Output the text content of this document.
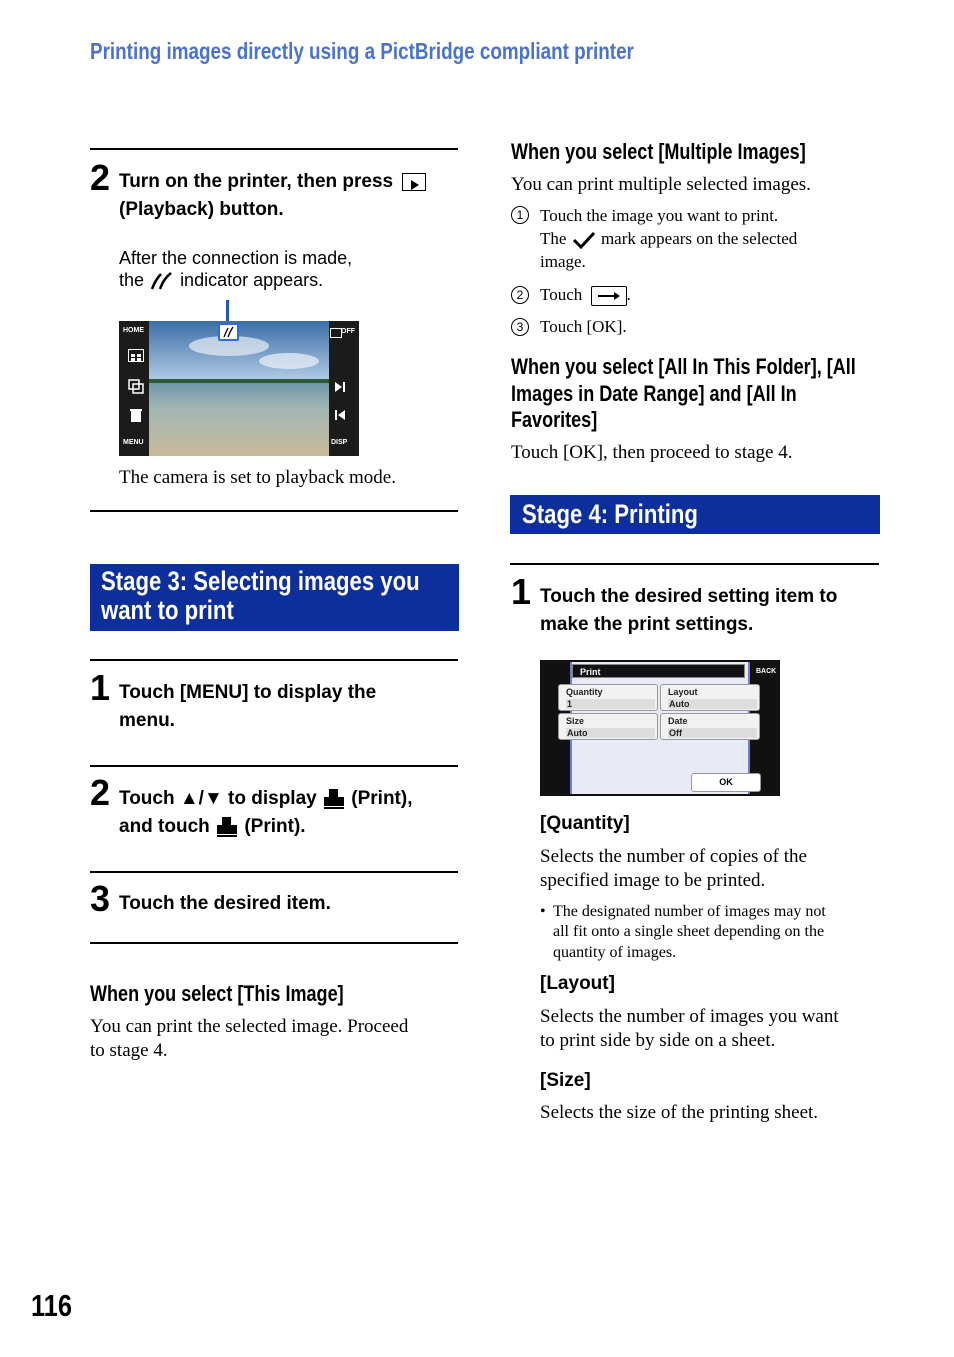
Printing images directly using a PictBridge compliant printer
2 Turn on the printer, then press
(Playback) button.
After the connection is made,
the indicator appears.
HOME
MENU
OFF
DISP
The camera is set to playback mode.
Stage 3: Selecting images you
want to print
1 Touch [MENU] to display the
menu.
2 Touch ▲/▼ to display (Print),
and touch (Print).
3 Touch the desired item.
When you select [This Image]
You can print the selected image. Proceed
to stage 4.
When you select [Multiple Images]
You can print multiple selected images.
1 Touch the image you want to print.
The mark appears on the selected
image.
2 Touch	.
3 Touch [OK].
When you select [All In This Folder], [All
Images in Date Range] and [All In
Favorites]
Touch [OK], then proceed to stage 4.
Stage 4: Printing
1 Touch the desired setting item to
make the print settings.
Print	BACK
Quantity
1
Layout
Auto
Size
Auto
Date
Off
OK
[Quantity]
Selects the number of copies of the
specified image to be printed.
• The designated number of images may not
all fit onto a single sheet depending on the
quantity of images.
[Layout]
Selects the number of images you want
to print side by side on a sheet.
[Size]
Selects the size of the printing sheet.
116
